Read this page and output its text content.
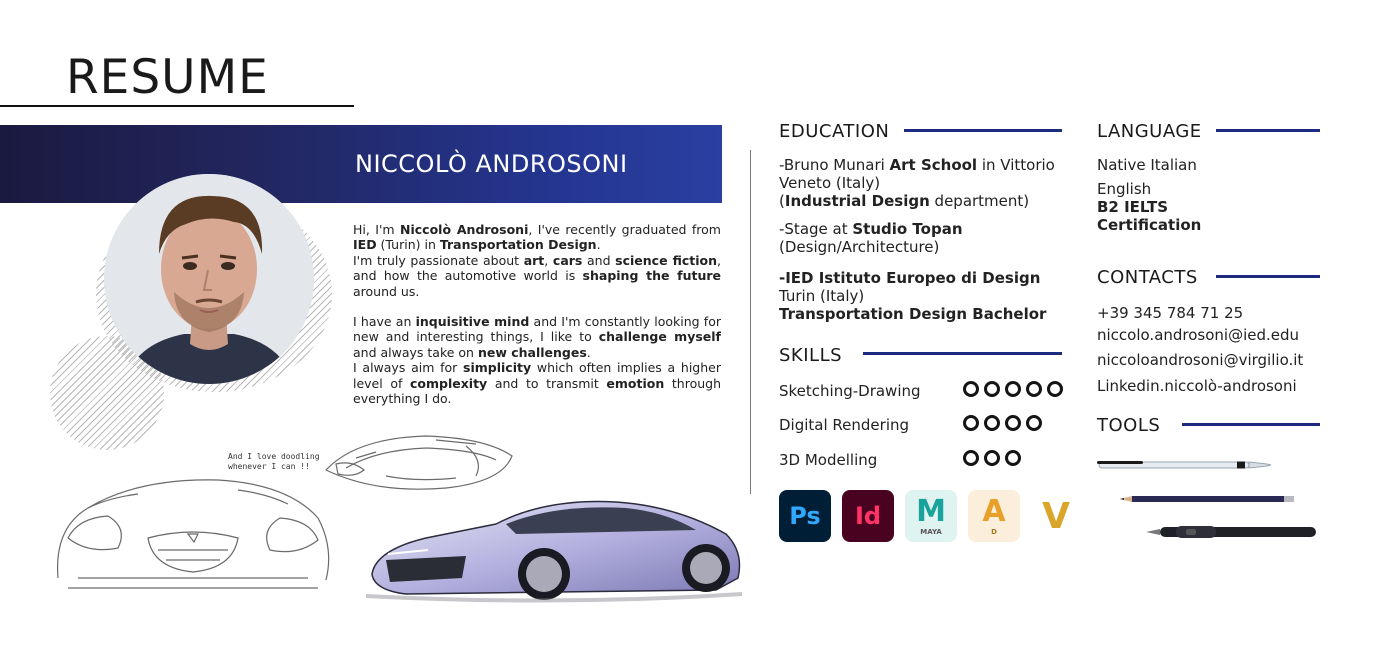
RESUME
NICCOLÒ ANDROSONI

Hi, I'm Niccolò Androsoni, I've recently graduated from IED (Turin) in Transportation Design.
I'm truly passionate about art, cars and science fiction, and how the automotive world is shaping the future around us.

I have an inquisitive mind and I'm constantly looking for new and interesting things, I like to challenge myself and always take on new challenges.
I always aim for simplicity which often implies a higher level of complexity and to transmit emotion through everything I do.

And I love doodling
whenever I can !!
EDUCATION
-Bruno Munari Art School in Vittorio Veneto (Italy)
(Industrial Design department)
-Stage at Studio Topan
(Design/Architecture)
-IED Istituto Europeo di Design
Turin (Italy)
Transportation Design Bachelor
SKILLS
Sketching-Drawing
Digital Rendering
3D Modelling
Ps Id M
MAYA
A
D V
LANGUAGE
Native Italian
English
B2 IELTS
Certification
CONTACTS
+39 345 784 71 25
niccolo.androsoni@ied.edu
niccoloandrosoni@virgilio.it
Linkedin.niccolò-androsoni
TOOLS
